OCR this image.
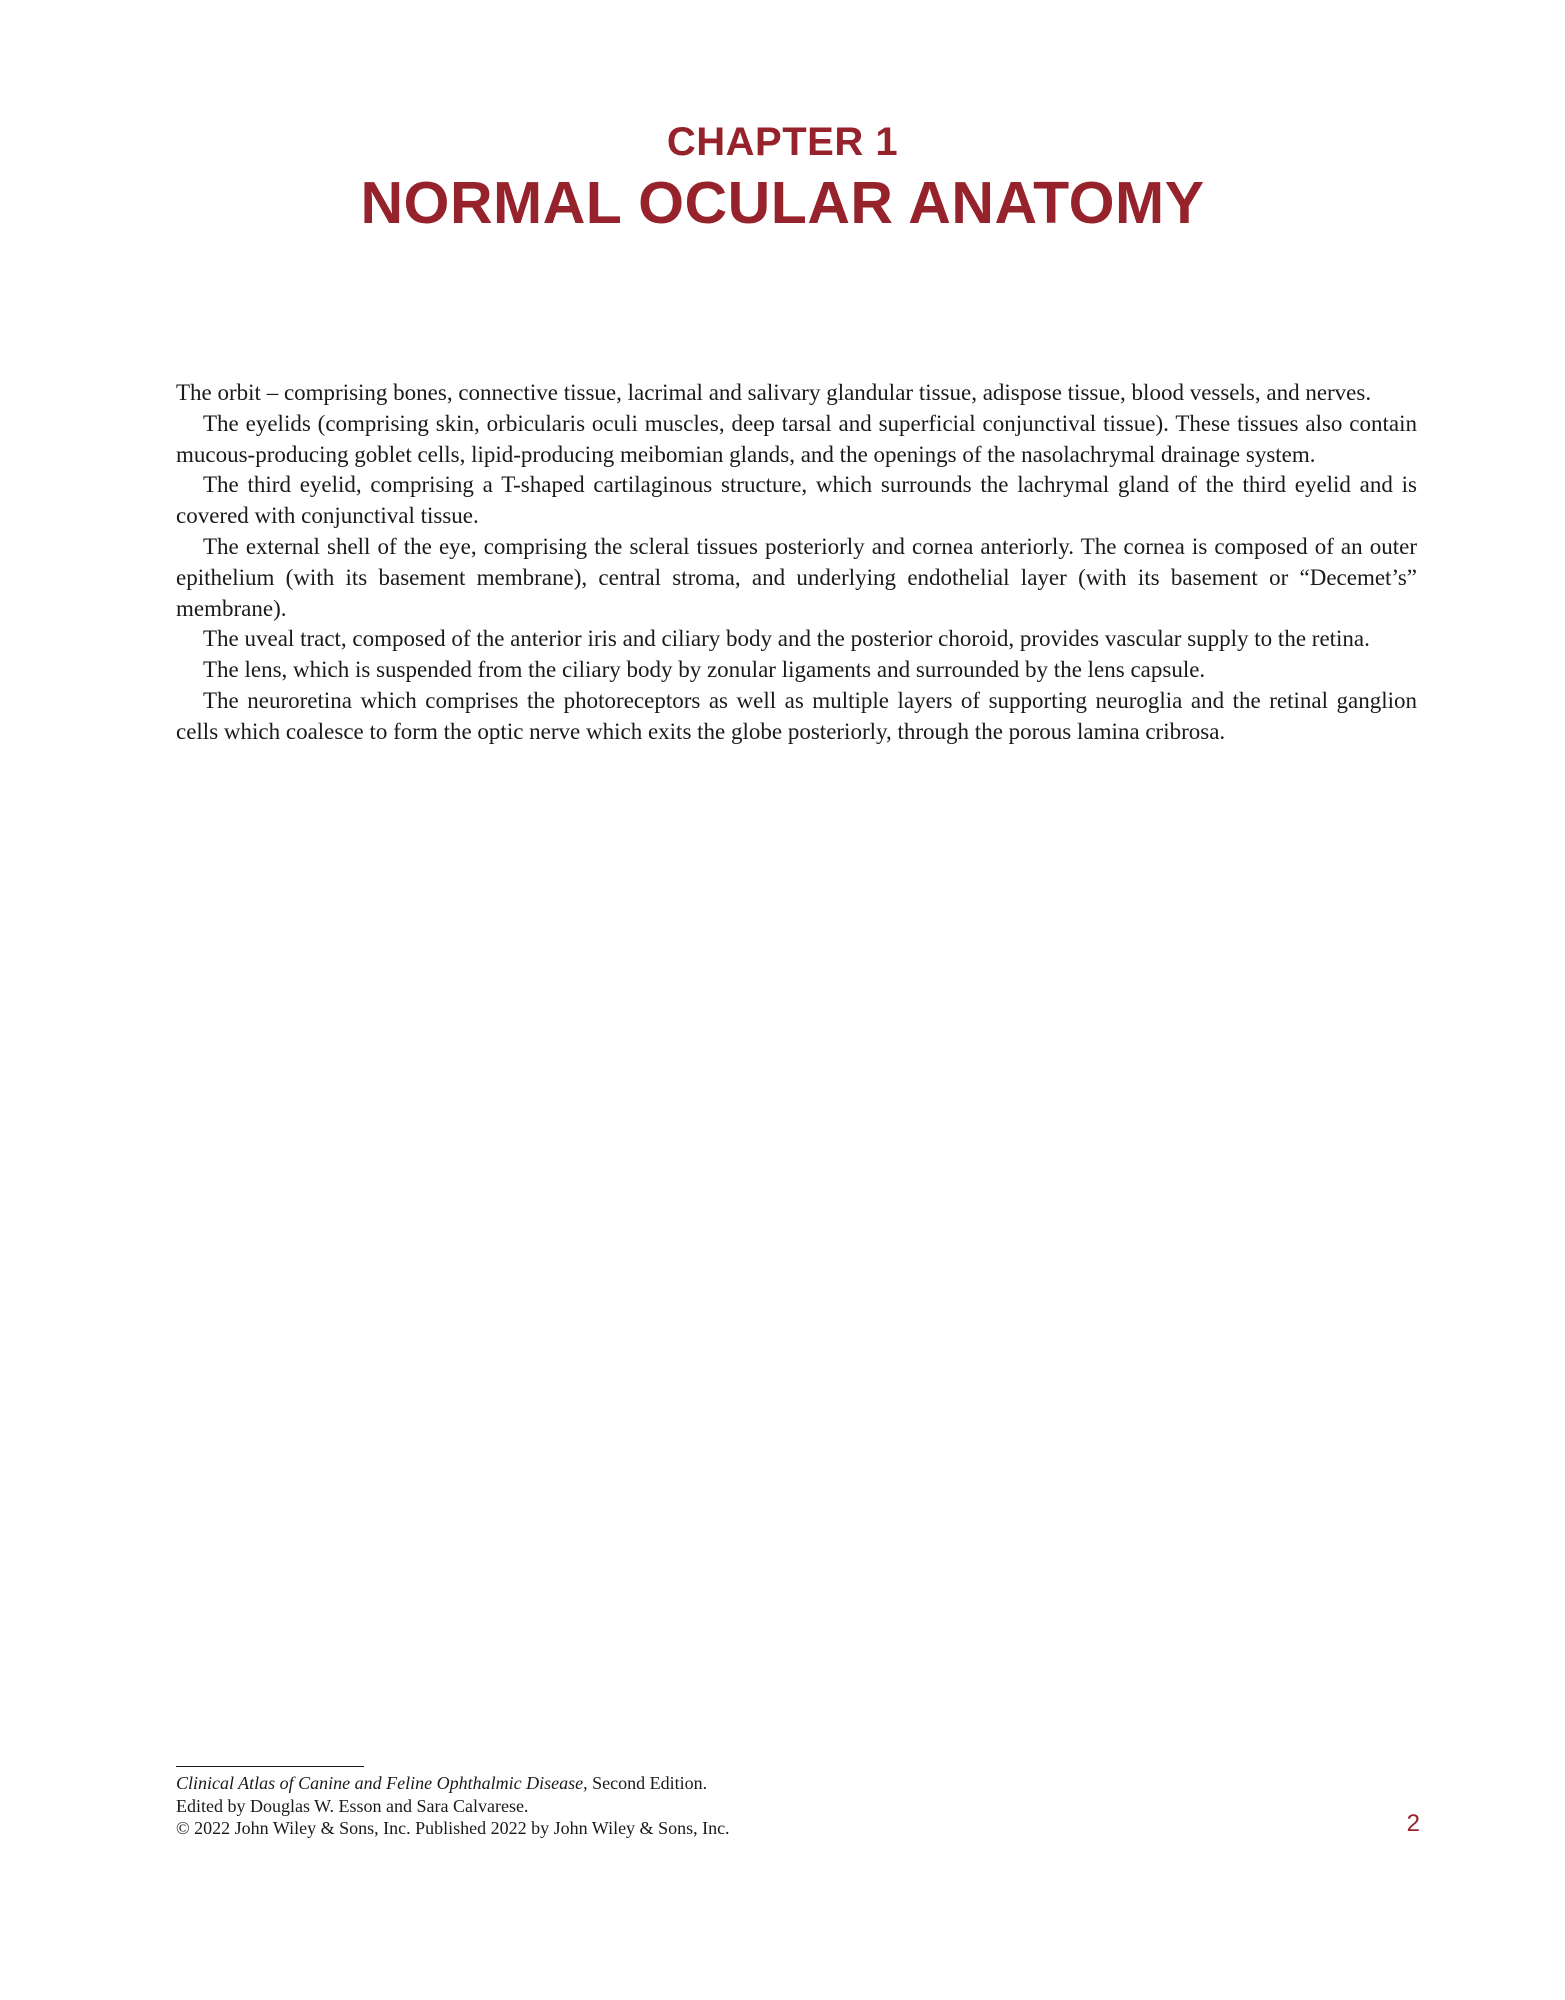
CHAPTER 1
NORMAL OCULAR ANATOMY

The orbit – comprising bones, connective tissue, lacrimal and salivary glandular tissue, adispose tissue, blood vessels, and nerves.

The eyelids (comprising skin, orbicularis oculi muscles, deep tarsal and superficial conjunctival tissue). These tissues also contain mucous-producing goblet cells, lipid-producing meibomian glands, and the openings of the nasolachrymal drainage system.

The third eyelid, comprising a T-shaped cartilaginous structure, which surrounds the lachrymal gland of the third eyelid and is covered with conjunctival tissue.

The external shell of the eye, comprising the scleral tissues posteriorly and cornea anteriorly. The cornea is composed of an outer epithelium (with its basement membrane), central stroma, and underlying endothelial layer (with its basement or “Decemet’s” membrane).

The uveal tract, composed of the anterior iris and ciliary body and the posterior choroid, provides vascular supply to the retina.

The lens, which is suspended from the ciliary body by zonular ligaments and surrounded by the lens capsule.

The neuroretina which comprises the photoreceptors as well as multiple layers of supporting neuroglia and the retinal ganglion cells which coalesce to form the optic nerve which exits the globe posteriorly, through the porous lamina cribrosa.

Clinical Atlas of Canine and Feline Ophthalmic Disease, Second Edition.
Edited by Douglas W. Esson and Sara Calvarese.
© 2022 John Wiley & Sons, Inc. Published 2022 by John Wiley & Sons, Inc.	2
